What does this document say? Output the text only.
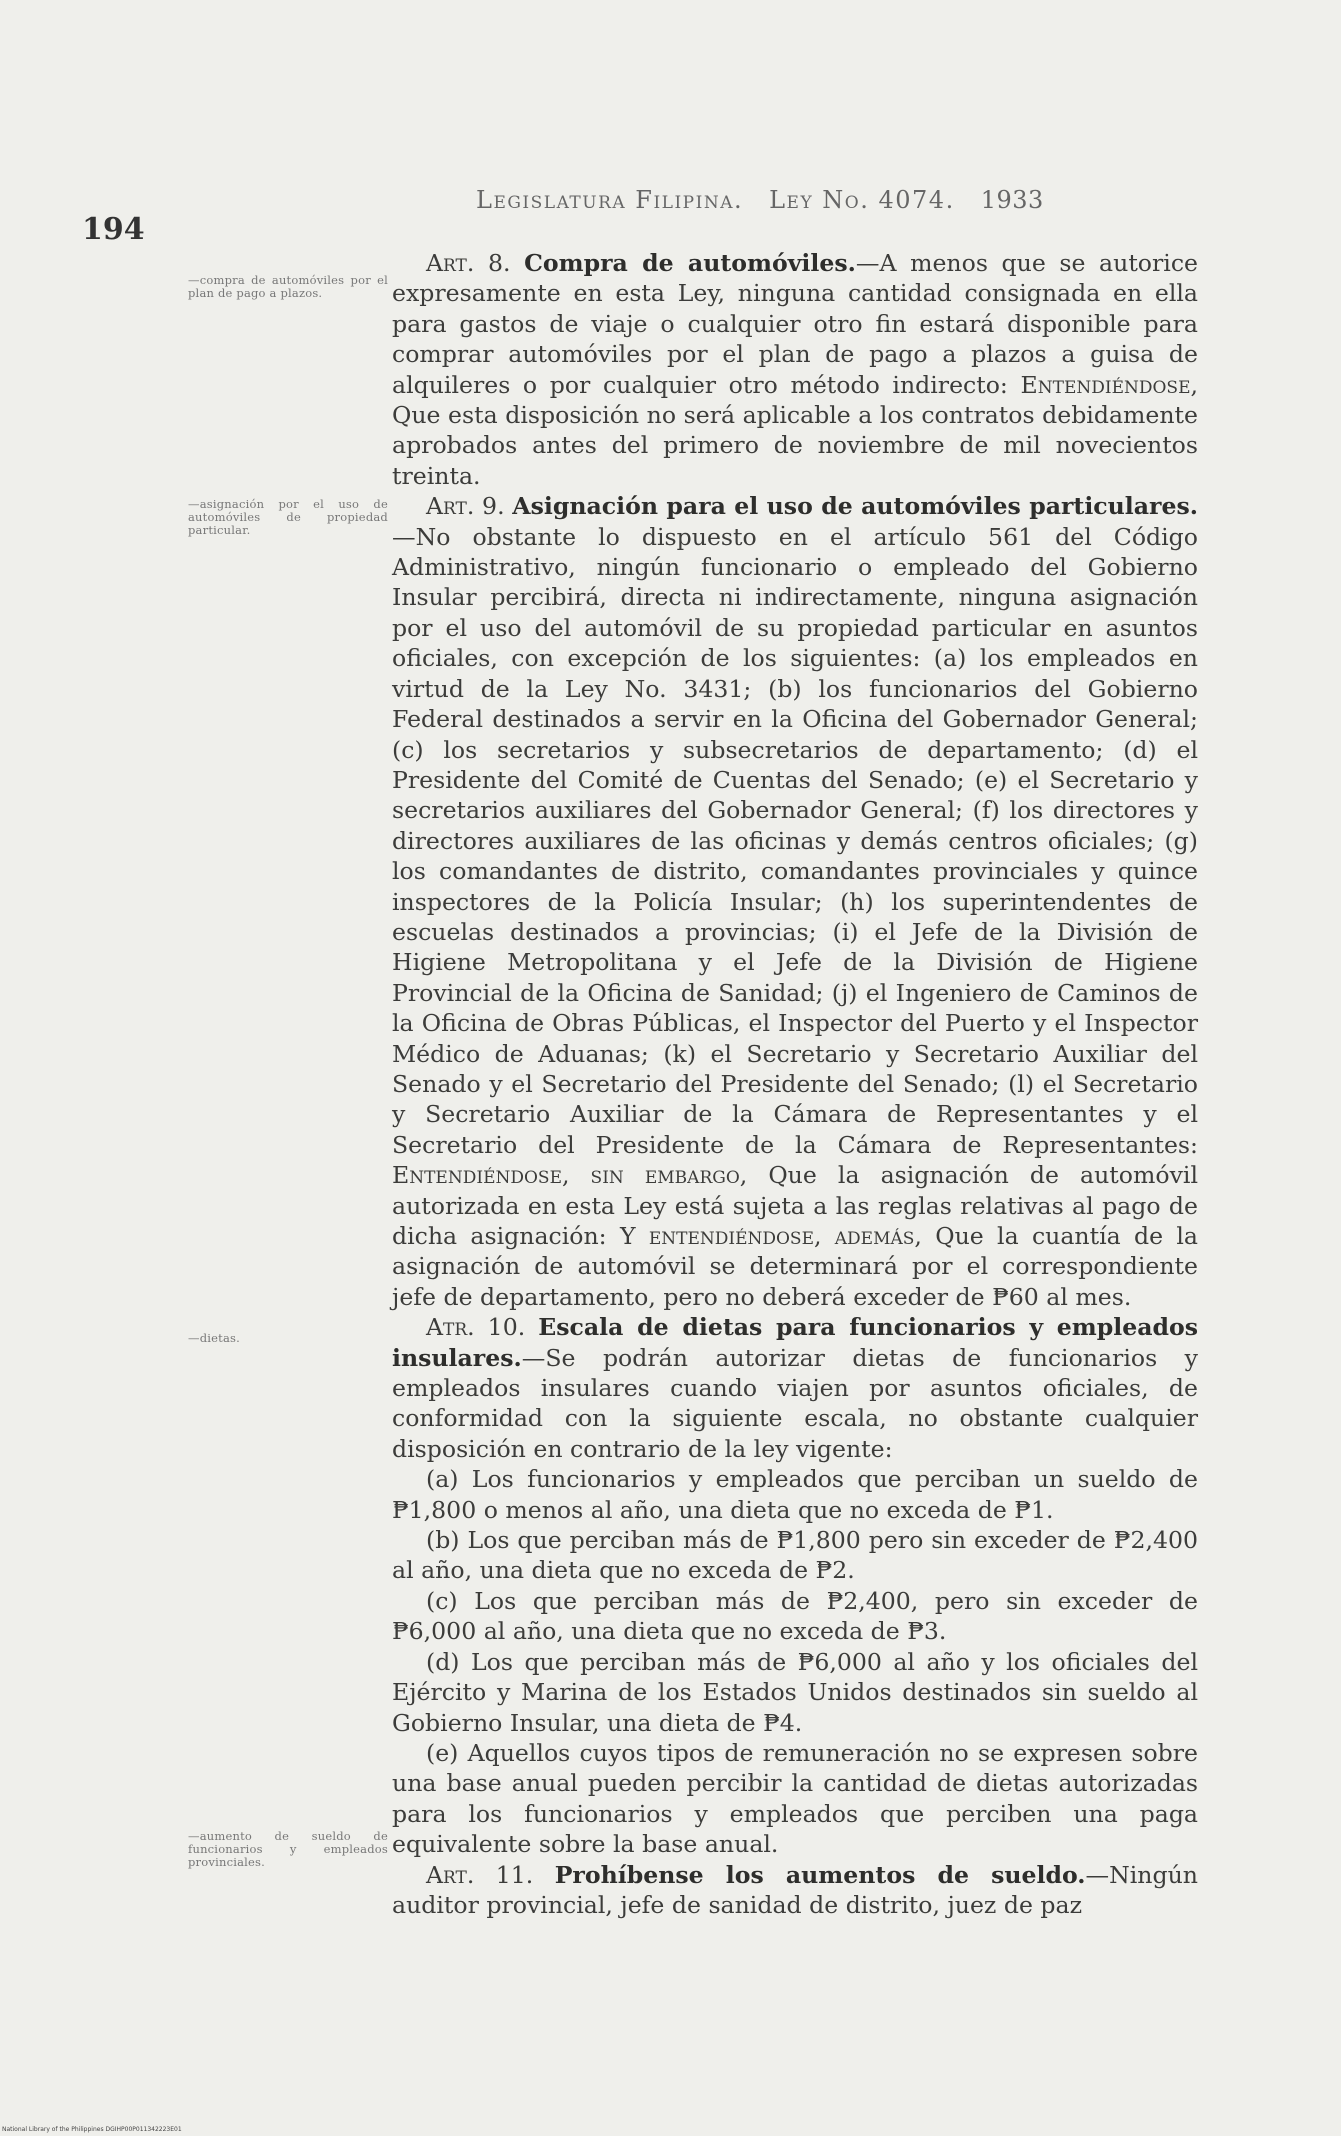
194
Legislatura Filipina. Ley No. 4074. 1933
—compra de automóviles por el plan de pago a plazos.
—asignación por el uso de automóviles de propiedad particular.
—dietas.
—aumento de sueldo de funcionarios y empleados provinciales.

Art. 8. Compra de automóviles.—A menos que se autorice expresamente en esta Ley, ninguna cantidad consignada en ella para gastos de viaje o cualquier otro fin estará disponible para comprar automóviles por el plan de pago a plazos a guisa de alquileres o por cualquier otro método indirecto: Entendiéndose, Que esta disposición no será aplicable a los contratos debidamente aprobados antes del primero de noviembre de mil novecientos treinta.

Art. 9. Asignación para el uso de automóviles particulares.—No obstante lo dispuesto en el artículo 561 del Código Administrativo, ningún funcionario o empleado del Gobierno Insular percibirá, directa ni indirectamente, ninguna asignación por el uso del automóvil de su propiedad particular en asuntos oficiales, con excepción de los siguientes: (a) los empleados en virtud de la Ley No. 3431; (b) los funcionarios del Gobierno Federal destinados a servir en la Oficina del Gobernador General; (c) los secretarios y subsecretarios de departamento; (d) el Presidente del Comité de Cuentas del Senado; (e) el Secretario y secretarios auxiliares del Gobernador General; (f) los directores y directores auxiliares de las oficinas y demás centros oficiales; (g) los comandantes de distrito, comandantes provinciales y quince inspectores de la Policía Insular; (h) los superintendentes de escuelas destinados a provincias; (i) el Jefe de la División de Higiene Metropolitana y el Jefe de la División de Higiene Provincial de la Oficina de Sanidad; (j) el Ingeniero de Caminos de la Oficina de Obras Públicas, el Inspector del Puerto y el Inspector Médico de Aduanas; (k) el Secretario y Secretario Auxiliar del Senado y el Secretario del Presidente del Senado; (l) el Secretario y Secretario Auxiliar de la Cámara de Representantes y el Secretario del Presidente de la Cámara de Representantes: Entendiéndose, sin embargo, Que la asignación de automóvil autorizada en esta Ley está sujeta a las reglas relativas al pago de dicha asignación: Y entendiéndose, además, Que la cuantía de la asignación de automóvil se determinará por el correspondiente jefe de departamento, pero no deberá exceder de ₱60 al mes.

Atr. 10. Escala de dietas para funcionarios y empleados insulares.—Se podrán autorizar dietas de funcionarios y empleados insulares cuando viajen por asuntos oficiales, de conformidad con la siguiente escala, no obstante cualquier disposición en contrario de la ley vigente:

(a) Los funcionarios y empleados que perciban un sueldo de ₱1,800 o menos al año, una dieta que no exceda de ₱1.

(b) Los que perciban más de ₱1,800 pero sin exceder de ₱2,400 al año, una dieta que no exceda de ₱2.

(c) Los que perciban más de ₱2,400, pero sin exceder de ₱6,000 al año, una dieta que no exceda de ₱3.

(d) Los que perciban más de ₱6,000 al año y los oficiales del Ejército y Marina de los Estados Unidos destinados sin sueldo al Gobierno Insular, una dieta de ₱4.

(e) Aquellos cuyos tipos de remuneración no se expresen sobre una base anual pueden percibir la cantidad de dietas autorizadas para los funcionarios y empleados que perciben una paga equivalente sobre la base anual.

Art. 11. Prohíbense los aumentos de sueldo.—Ningún auditor provincial, jefe de sanidad de distrito, juez de paz

National Library of the Philippines DGIHP00P011342223E01
